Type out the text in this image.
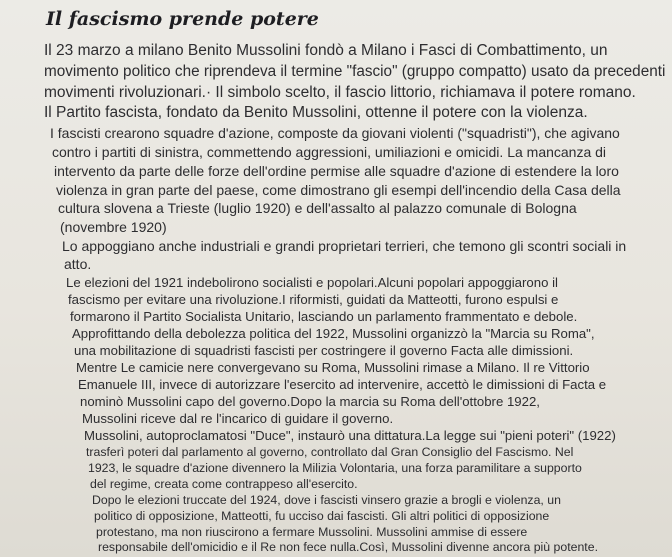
Il fascismo prende potere
Il 23 marzo a milano Benito Mussolini fondò a Milano i Fasci di Combattimento, un
movimento politico che riprendeva il termine "fascio" (gruppo compatto) usato da precedenti
movimenti rivoluzionari.· Il simbolo scelto, il fascio littorio, richiamava il potere romano.
Il Partito fascista, fondato da Benito Mussolini, ottenne il potere con la violenza.
I fascisti crearono squadre d'azione, composte da giovani violenti ("squadristi"), che agivano
contro i partiti di sinistra, commettendo aggressioni, umiliazioni e omicidi. La mancanza di
intervento da parte delle forze dell'ordine permise alle squadre d'azione di estendere la loro
violenza in gran parte del paese, come dimostrano gli esempi dell'incendio della Casa della
cultura slovena a Trieste (luglio 1920) e dell'assalto al palazzo comunale di Bologna
(novembre 1920)
Lo appoggiano anche industriali e grandi proprietari terrieri, che temono gli scontri sociali in
atto.
Le elezioni del 1921 indebolirono socialisti e popolari.Alcuni popolari appoggiarono il
fascismo per evitare una rivoluzione.I riformisti, guidati da Matteotti, furono espulsi e
formarono il Partito Socialista Unitario, lasciando un parlamento frammentato e debole.
Approfittando della debolezza politica del 1922, Mussolini organizzò la "Marcia su Roma",
una mobilitazione di squadristi fascisti per costringere il governo Facta alle dimissioni.
Mentre Le camicie nere convergevano su Roma, Mussolini rimase a Milano. Il re Vittorio
Emanuele III, invece di autorizzare l'esercito ad intervenire, accettò le dimissioni di Facta e
nominò Mussolini capo del governo.Dopo la marcia su Roma dell'ottobre 1922,
Mussolini riceve dal re l'incarico di guidare il governo.
Mussolini, autoproclamatosi "Duce", instaurò una dittatura.La legge sui "pieni poteri" (1922)
trasferì poteri dal parlamento al governo, controllato dal Gran Consiglio del Fascismo. Nel
1923, le squadre d'azione divennero la Milizia Volontaria, una forza paramilitare a supporto
del regime, creata come contrappeso all'esercito.
Dopo le elezioni truccate del 1924, dove i fascisti vinsero grazie a brogli e violenza, un
politico di opposizione, Matteotti, fu ucciso dai fascisti. Gli altri politici di opposizione
protestano, ma non riuscirono a fermare Mussolini. Mussolini ammise di essere
responsabile dell'omicidio e il Re non fece nulla.Così, Mussolini divenne ancora più potente.
